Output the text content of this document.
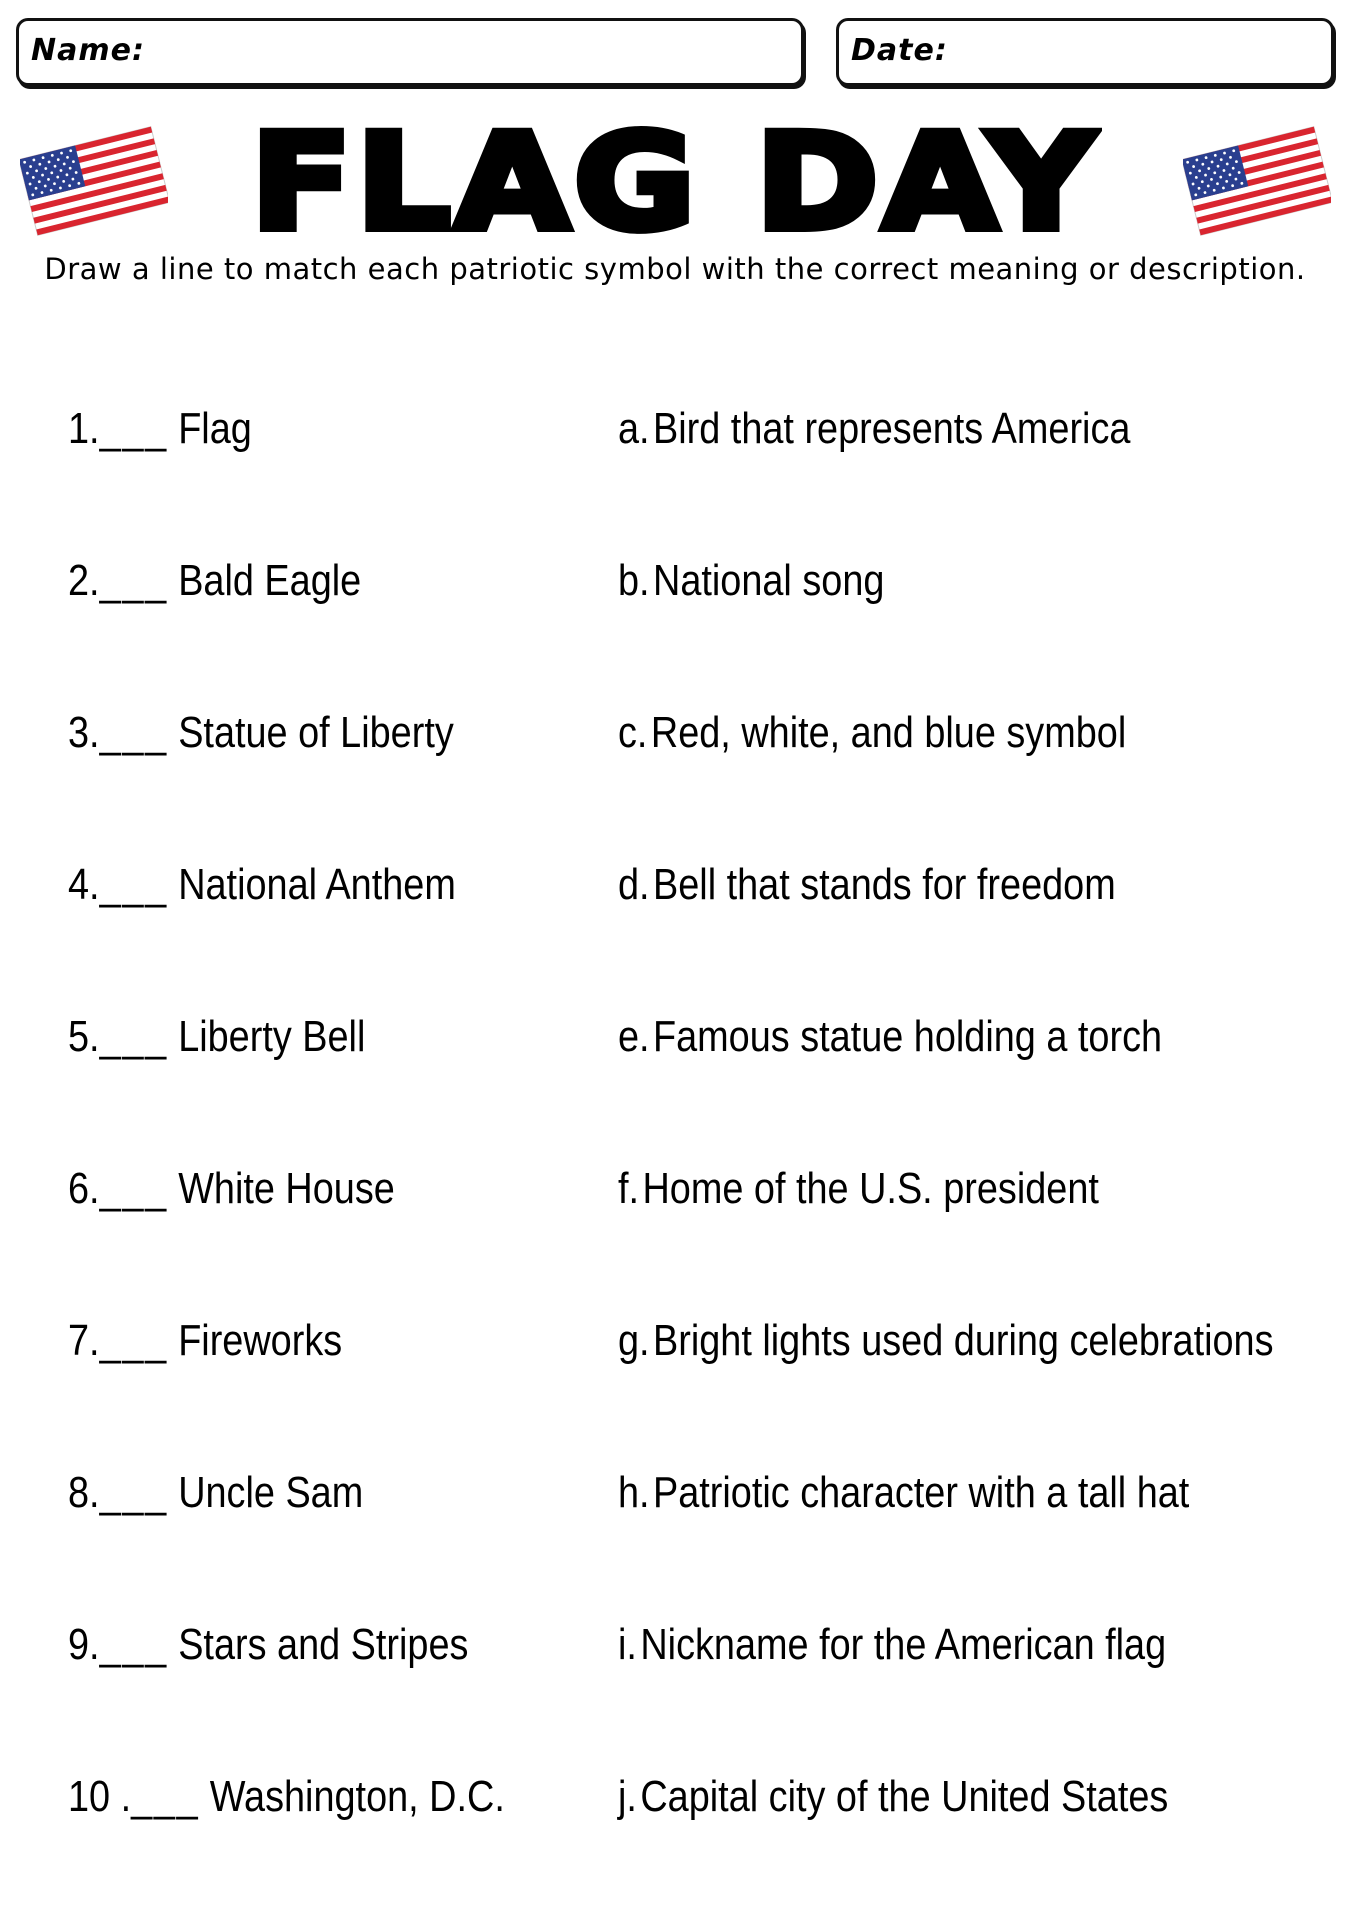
Name:	Date:
FLAG DAY
Draw a line to match each patriotic symbol with the correct meaning or description.
1.___ Flag	a.Bird that represents America
2.___ Bald Eagle	b.National song
3.___ Statue of Liberty	c.Red, white, and blue symbol
4.___ National Anthem	d.Bell that stands for freedom
5.___ Liberty Bell	e.Famous statue holding a torch
6.___ White House	f.Home of the U.S. president
7.___ Fireworks	g.Bright lights used during celebrations
8.___ Uncle Sam	h.Patriotic character with a tall hat
9.___ Stars and Stripes	i.Nickname for the American flag
10 .___ Washington, D.C.	j.Capital city of the United States
